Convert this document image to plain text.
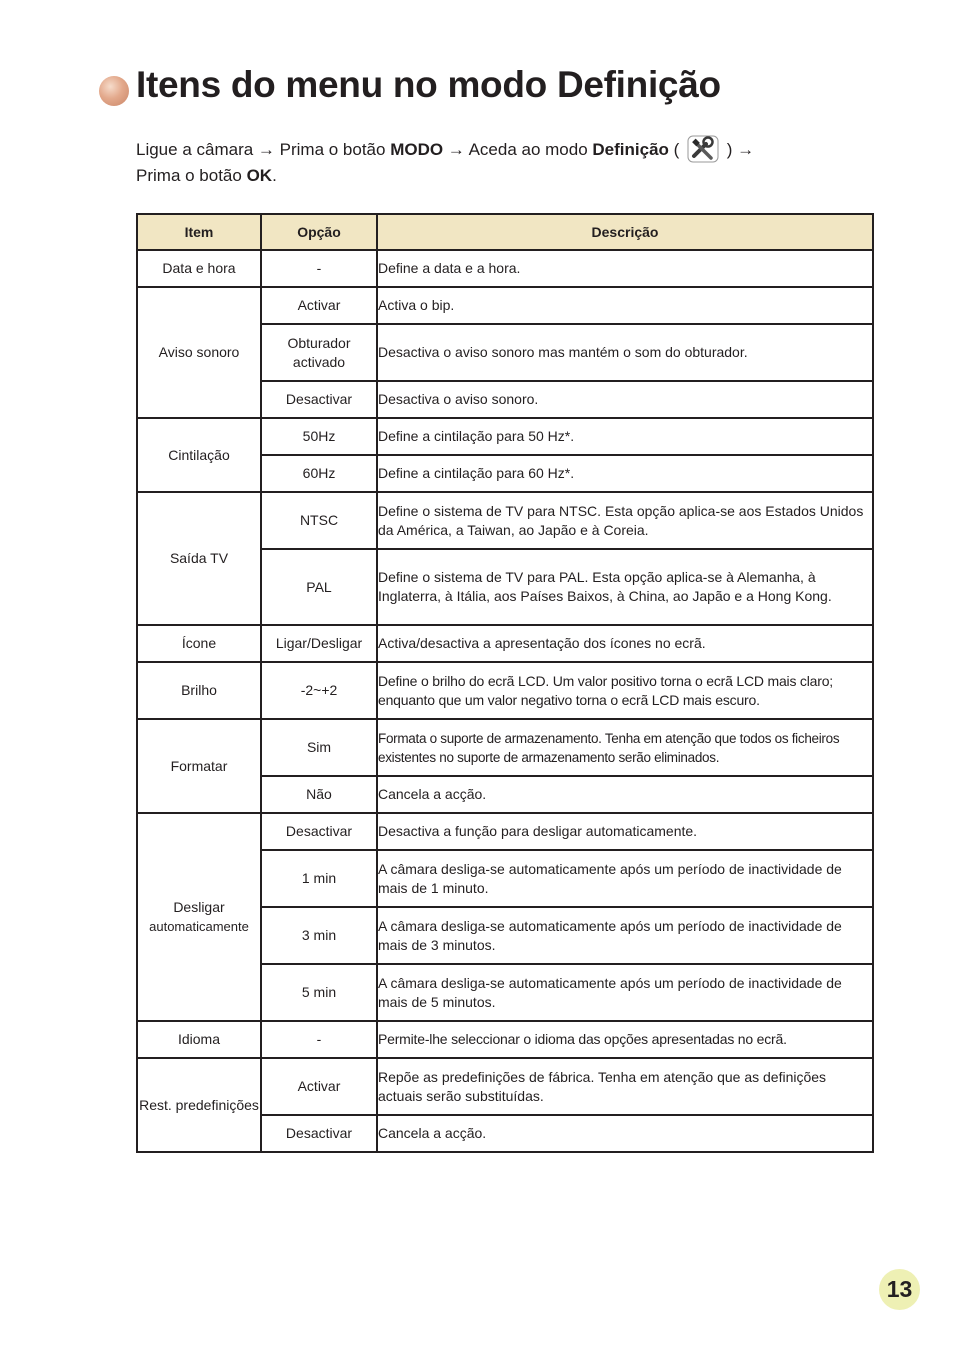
Itens do menu no modo Definição
Ligue a câmara → Prima o botão MODO → Aceda ao modo Definição (	) →
Prima o botão OK.
Item	Opção	Descrição
Data e hora	-	Define a data e a hora.
Aviso sonoro	Activar	Activa o bip.
	Obturador activado	Desactiva o aviso sonoro mas mantém o som do obturador.
	Desactivar	Desactiva o aviso sonoro.
Cintilação	50Hz	Define a cintilação para 50 Hz*.
	60Hz	Define a cintilação para 60 Hz*.
Saída TV	NTSC	Define o sistema de TV para NTSC. Esta opção aplica-se aos Estados Unidos da América, a Taiwan, ao Japão e à Coreia.
	PAL	Define o sistema de TV para PAL. Esta opção aplica-se à Alemanha, à Inglaterra, à Itália, aos Países Baixos, à China, ao Japão e a Hong Kong.
Ícone	Ligar/Desligar	Activa/desactiva a apresentação dos ícones no ecrã.
Brilho	-2~+2	Define o brilho do ecrã LCD. Um valor positivo torna o ecrã LCD mais claro; enquanto que um valor negativo torna o ecrã LCD mais escuro.
Formatar	Sim	Formata o suporte de armazenamento. Tenha em atenção que todos os ficheiros existentes no suporte de armazenamento serão eliminados.
	Não	Cancela a acção.
Desligar
automaticamente	Desactivar	Desactiva a função para desligar automaticamente.
	1 min	A câmara desliga-se automaticamente após um período de inactividade de mais de 1 minuto.
	3 min	A câmara desliga-se automaticamente após um período de inactividade de mais de 3 minutos.
	5 min	A câmara desliga-se automaticamente após um período de inactividade de mais de 5 minutos.
Idioma	-	Permite-lhe seleccionar o idioma das opções apresentadas no ecrã.
Rest. predefinições	Activar	Repõe as predefinições de fábrica. Tenha em atenção que as definições actuais serão substituídas.
	Desactivar	Cancela a acção.
13
